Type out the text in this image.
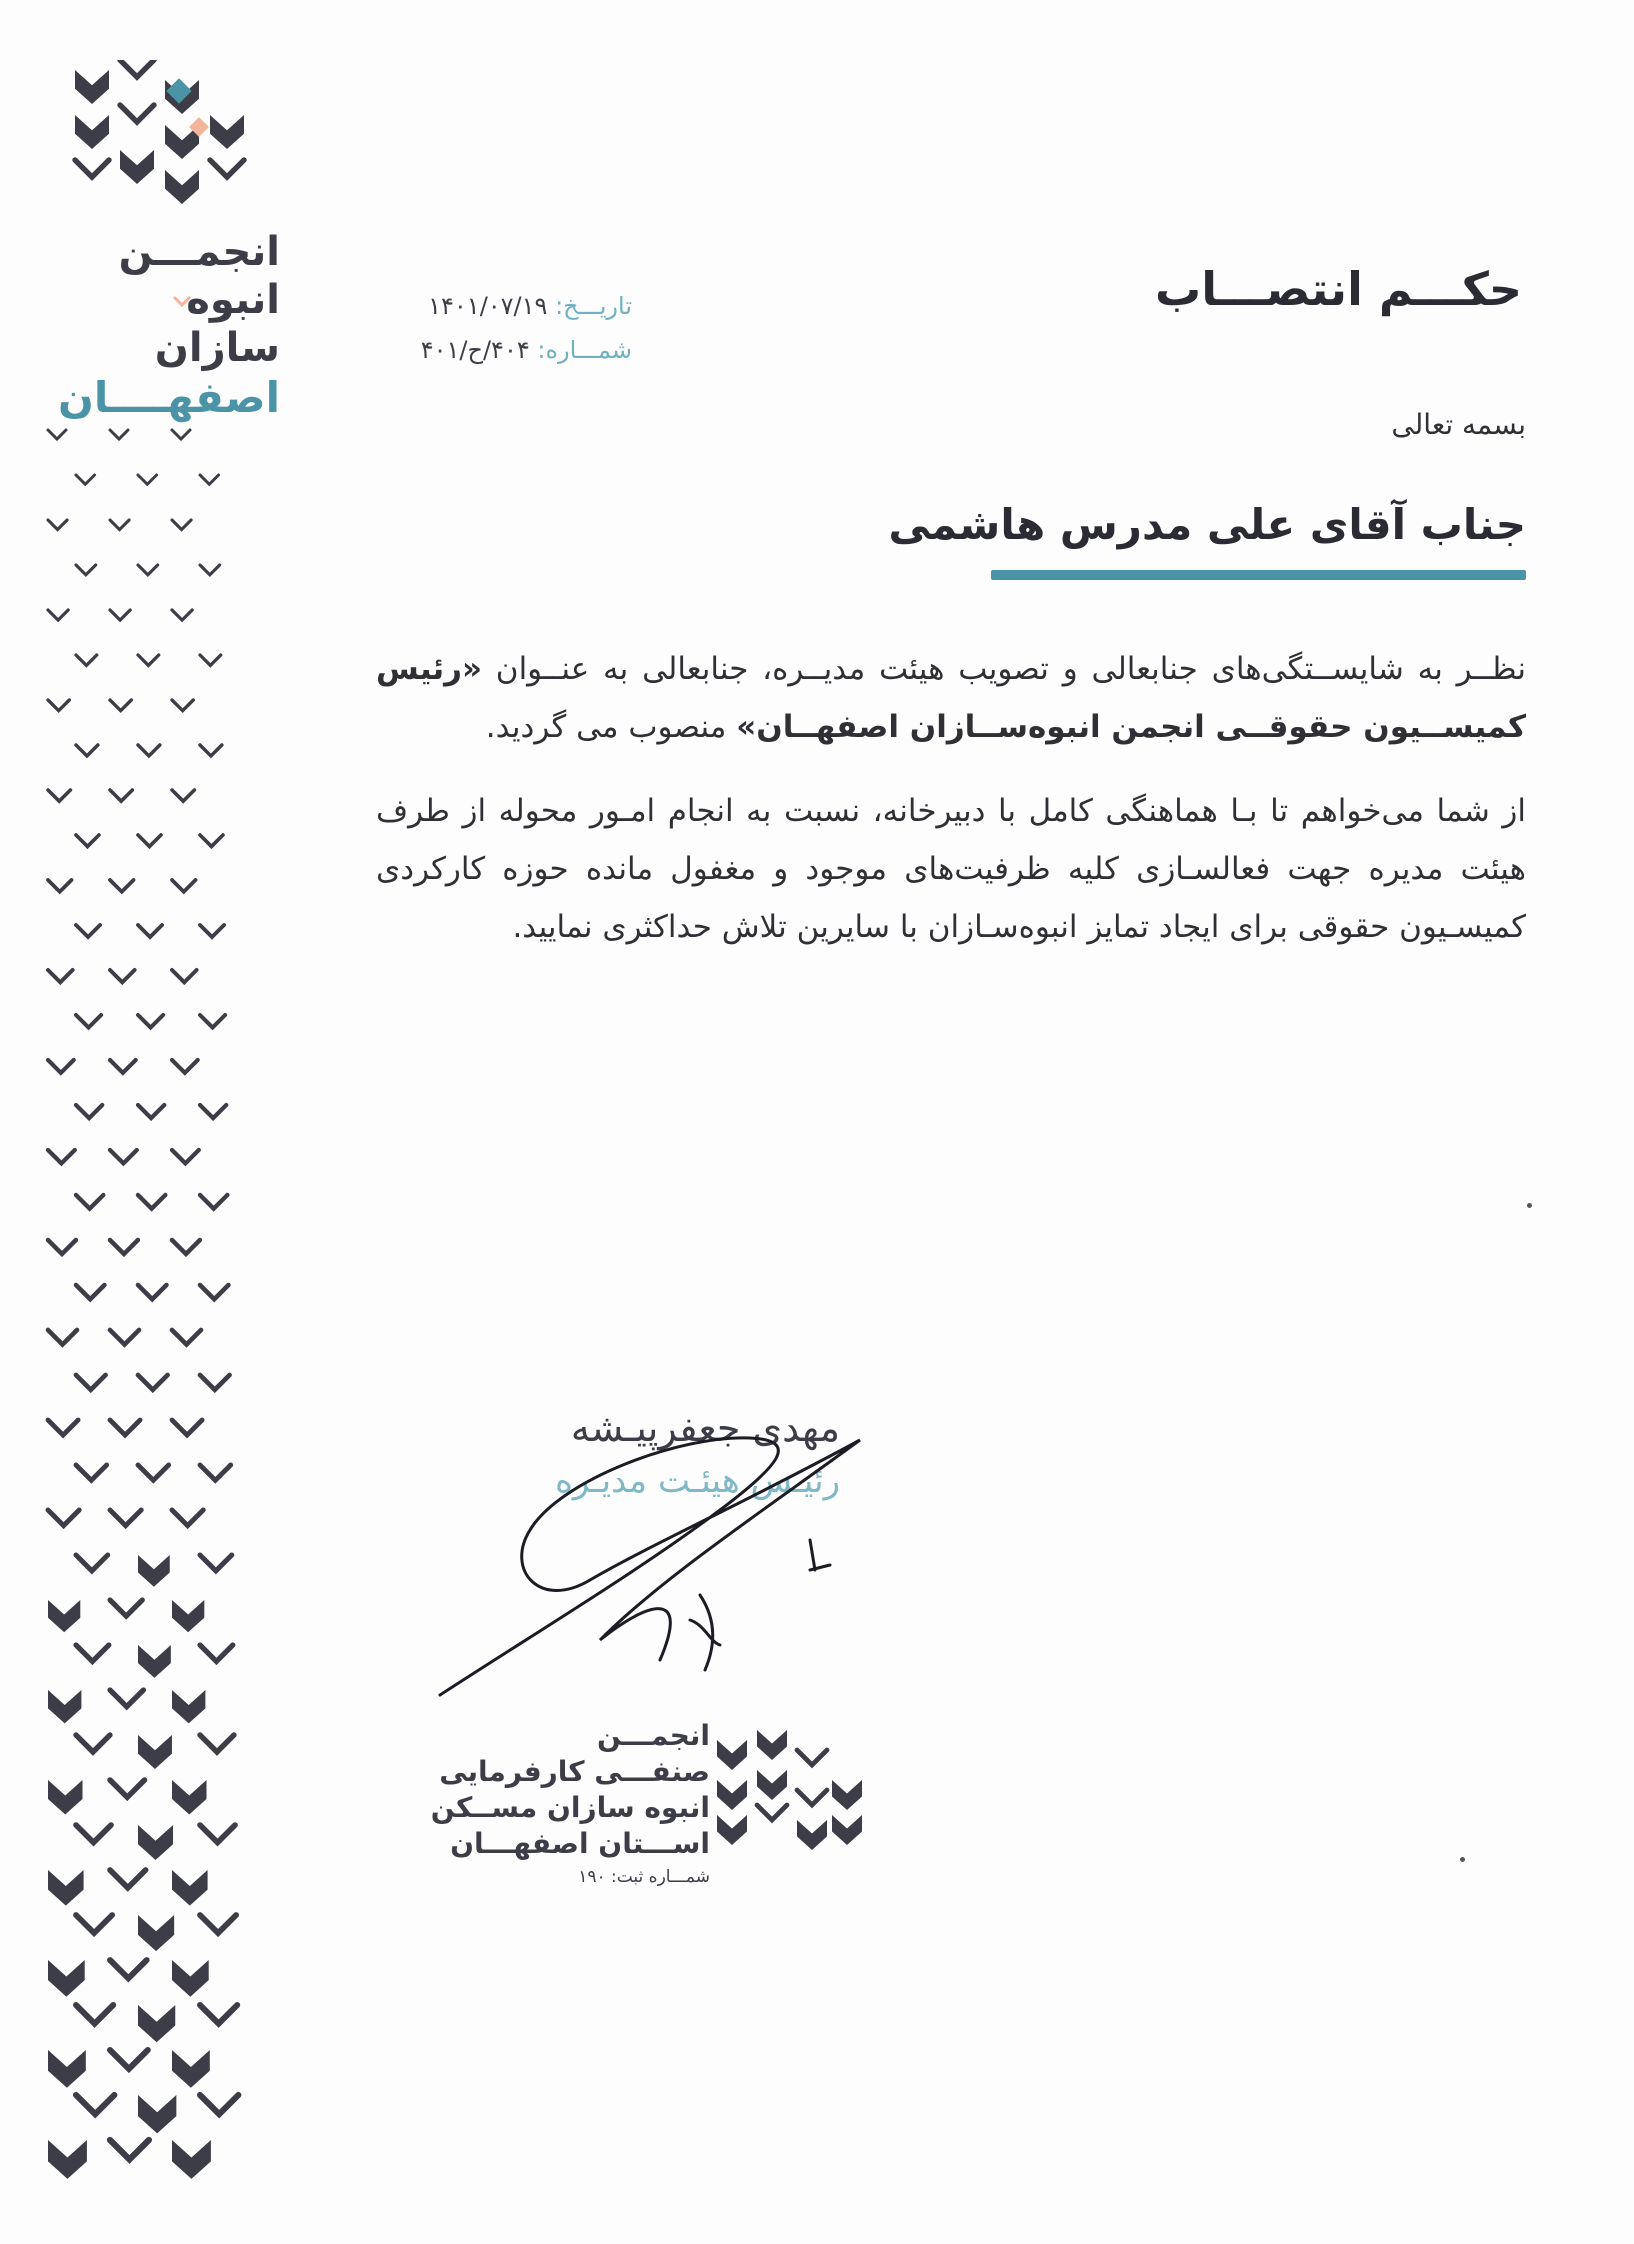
انجمـــن
انبوه سازان
اصفهــــان
حکـــم انتصـــاب
تاریـــخ: ۱۴۰۱/۰۷/۱۹
شمـــاره: ۴۰۴/ح/۴۰۱
بسمه تعالی
جناب آقای علی مدرس هاشمی

نظــر به شایســتگی‌های جنابعالی و تصویب هیئت مدیــره، جنابعالی به عنــوان «رئیس کمیســیون حقوقــی انجمن انبوه‌ســازان اصفهــان» منصوب می گردید.

از شما می‌خواهم تا بـا هماهنگی کامل با دبیرخانه، نسبت به انجام امـور محوله از طرف هیئت مدیره جهت فعالسـازی کلیه ظرفیت‌های موجود و مغفول مانده حوزه کارکردی کمیسـیون حقوقی برای ایجاد تمایز انبوه‌سـازان با سایرین تلاش حداکثری نمایید.

مهدی جعفرپیـشه
رئیـس هیئـت مدیـره
انجمـــن
صنفـــی کارفرمایی
انبوه سازان مســکن
اســـتان اصفهـــان
شمـــاره ثبت: ۱۹۰
